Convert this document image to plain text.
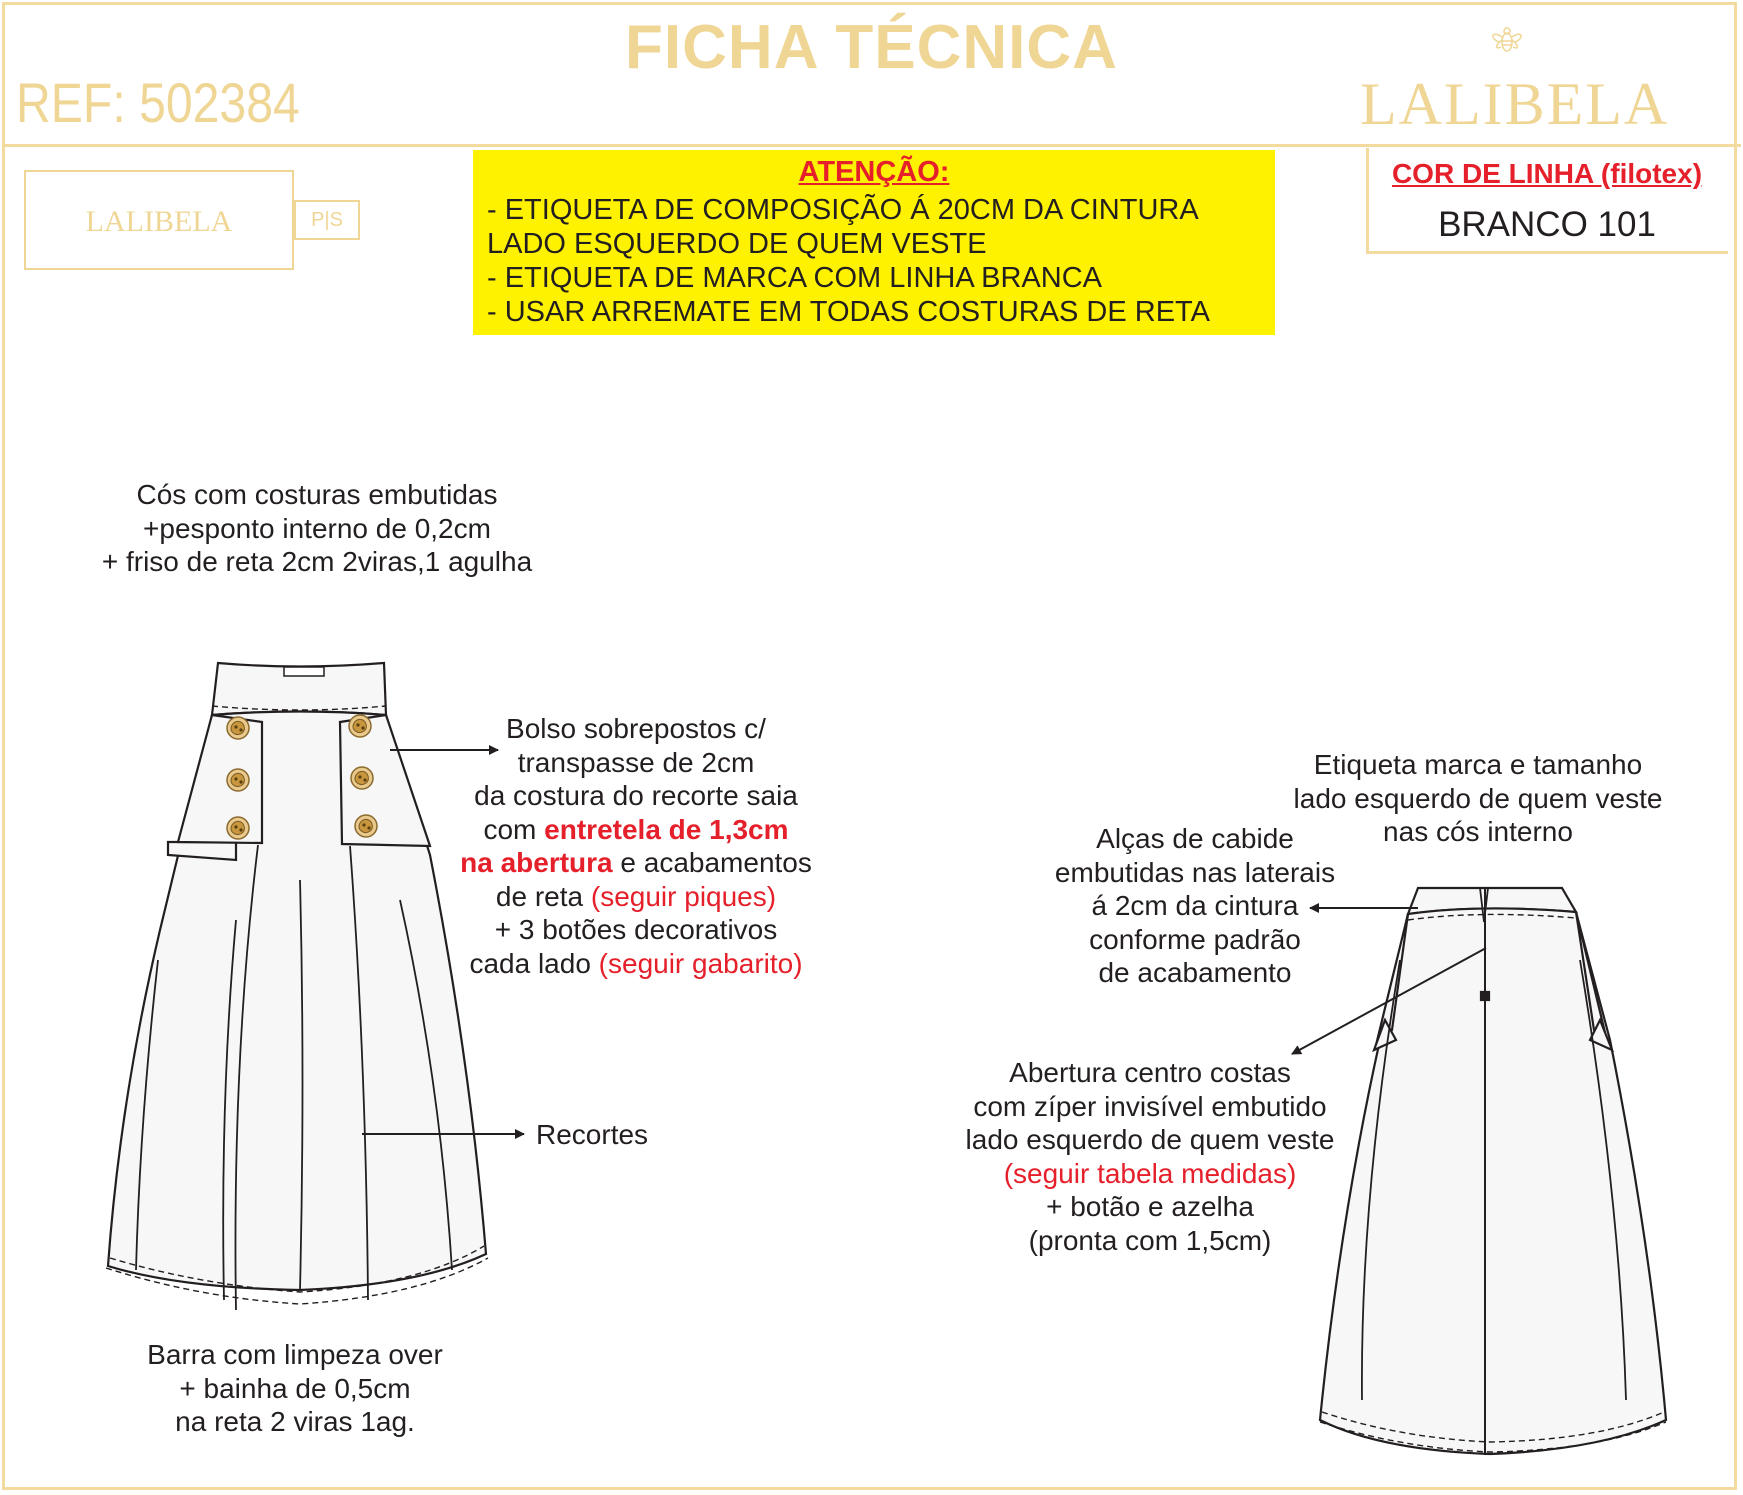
FICHA TÉCNICA
REF: 502384	LALIBELA
LALIBELA	P|S
ATENÇÃO:
- ETIQUETA DE COMPOSIÇÃO Á 20CM DA CINTURA
LADO ESQUERDO DE QUEM VESTE
- ETIQUETA DE MARCA COM LINHA BRANCA
- USAR ARREMATE EM TODAS COSTURAS DE RETA
COR DE LINHA (filotex)
BRANCO 101
Cós com costuras embutidas
+pesponto interno de 0,2cm
+ friso de reta 2cm 2viras,1 agulha
Bolso sobrepostos c/
transpasse de 2cm
da costura do recorte saia
com entretela de 1,3cm
na abertura e acabamentos
de reta (seguir piques)
+ 3 botões decorativos
cada lado (seguir gabarito)
Recortes
Barra com limpeza over
+ bainha de 0,5cm
na reta 2 viras 1ag.
Etiqueta marca e tamanho
lado esquerdo de quem veste
nas cós interno
Alças de cabide
embutidas nas laterais
á 2cm da cintura
conforme padrão
de acabamento
Abertura centro costas
com zíper invisível embutido
lado esquerdo de quem veste
(seguir tabela medidas)
+ botão e azelha
(pronta com 1,5cm)
